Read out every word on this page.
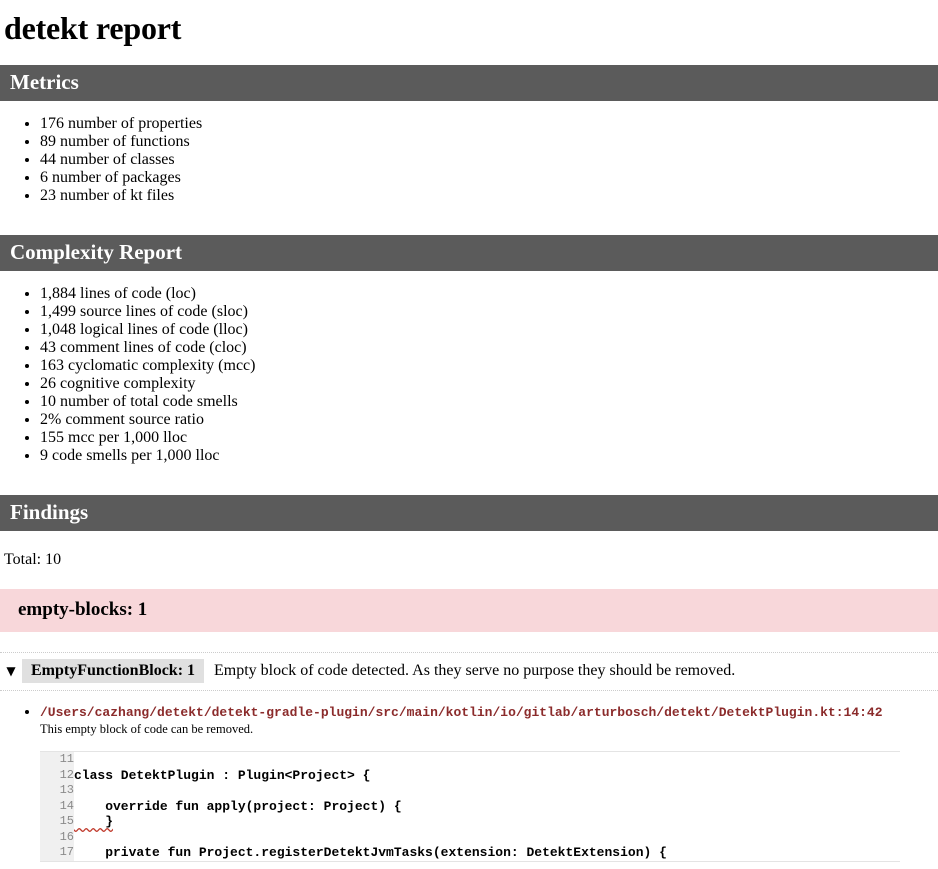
detekt report
Metrics
• 176 number of properties
• 89 number of functions
• 44 number of classes
• 6 number of packages
• 23 number of kt files
Complexity Report
• 1,884 lines of code (loc)
• 1,499 source lines of code (sloc)
• 1,048 logical lines of code (lloc)
• 43 comment lines of code (cloc)
• 163 cyclomatic complexity (mcc)
• 26 cognitive complexity
• 10 number of total code smells
• 2% comment source ratio
• 155 mcc per 1,000 lloc
• 9 code smells per 1,000 lloc
Findings
Total: 10
empty-blocks: 1
▼ EmptyFunctionBlock: 1	Empty block of code detected. As they serve no purpose they should be removed.
• /Users/cazhang/detekt/detekt-gradle-plugin/src/main/kotlin/io/gitlab/arturbosch/detekt/DetektPlugin.kt:14:42
This empty block of code can be removed.
11	
12	class DetektPlugin : Plugin<Project> {
13	
14	override fun apply(project: Project) {
15	}
16	
17	private fun Project.registerDetektJvmTasks(extension: DetektExtension) {
